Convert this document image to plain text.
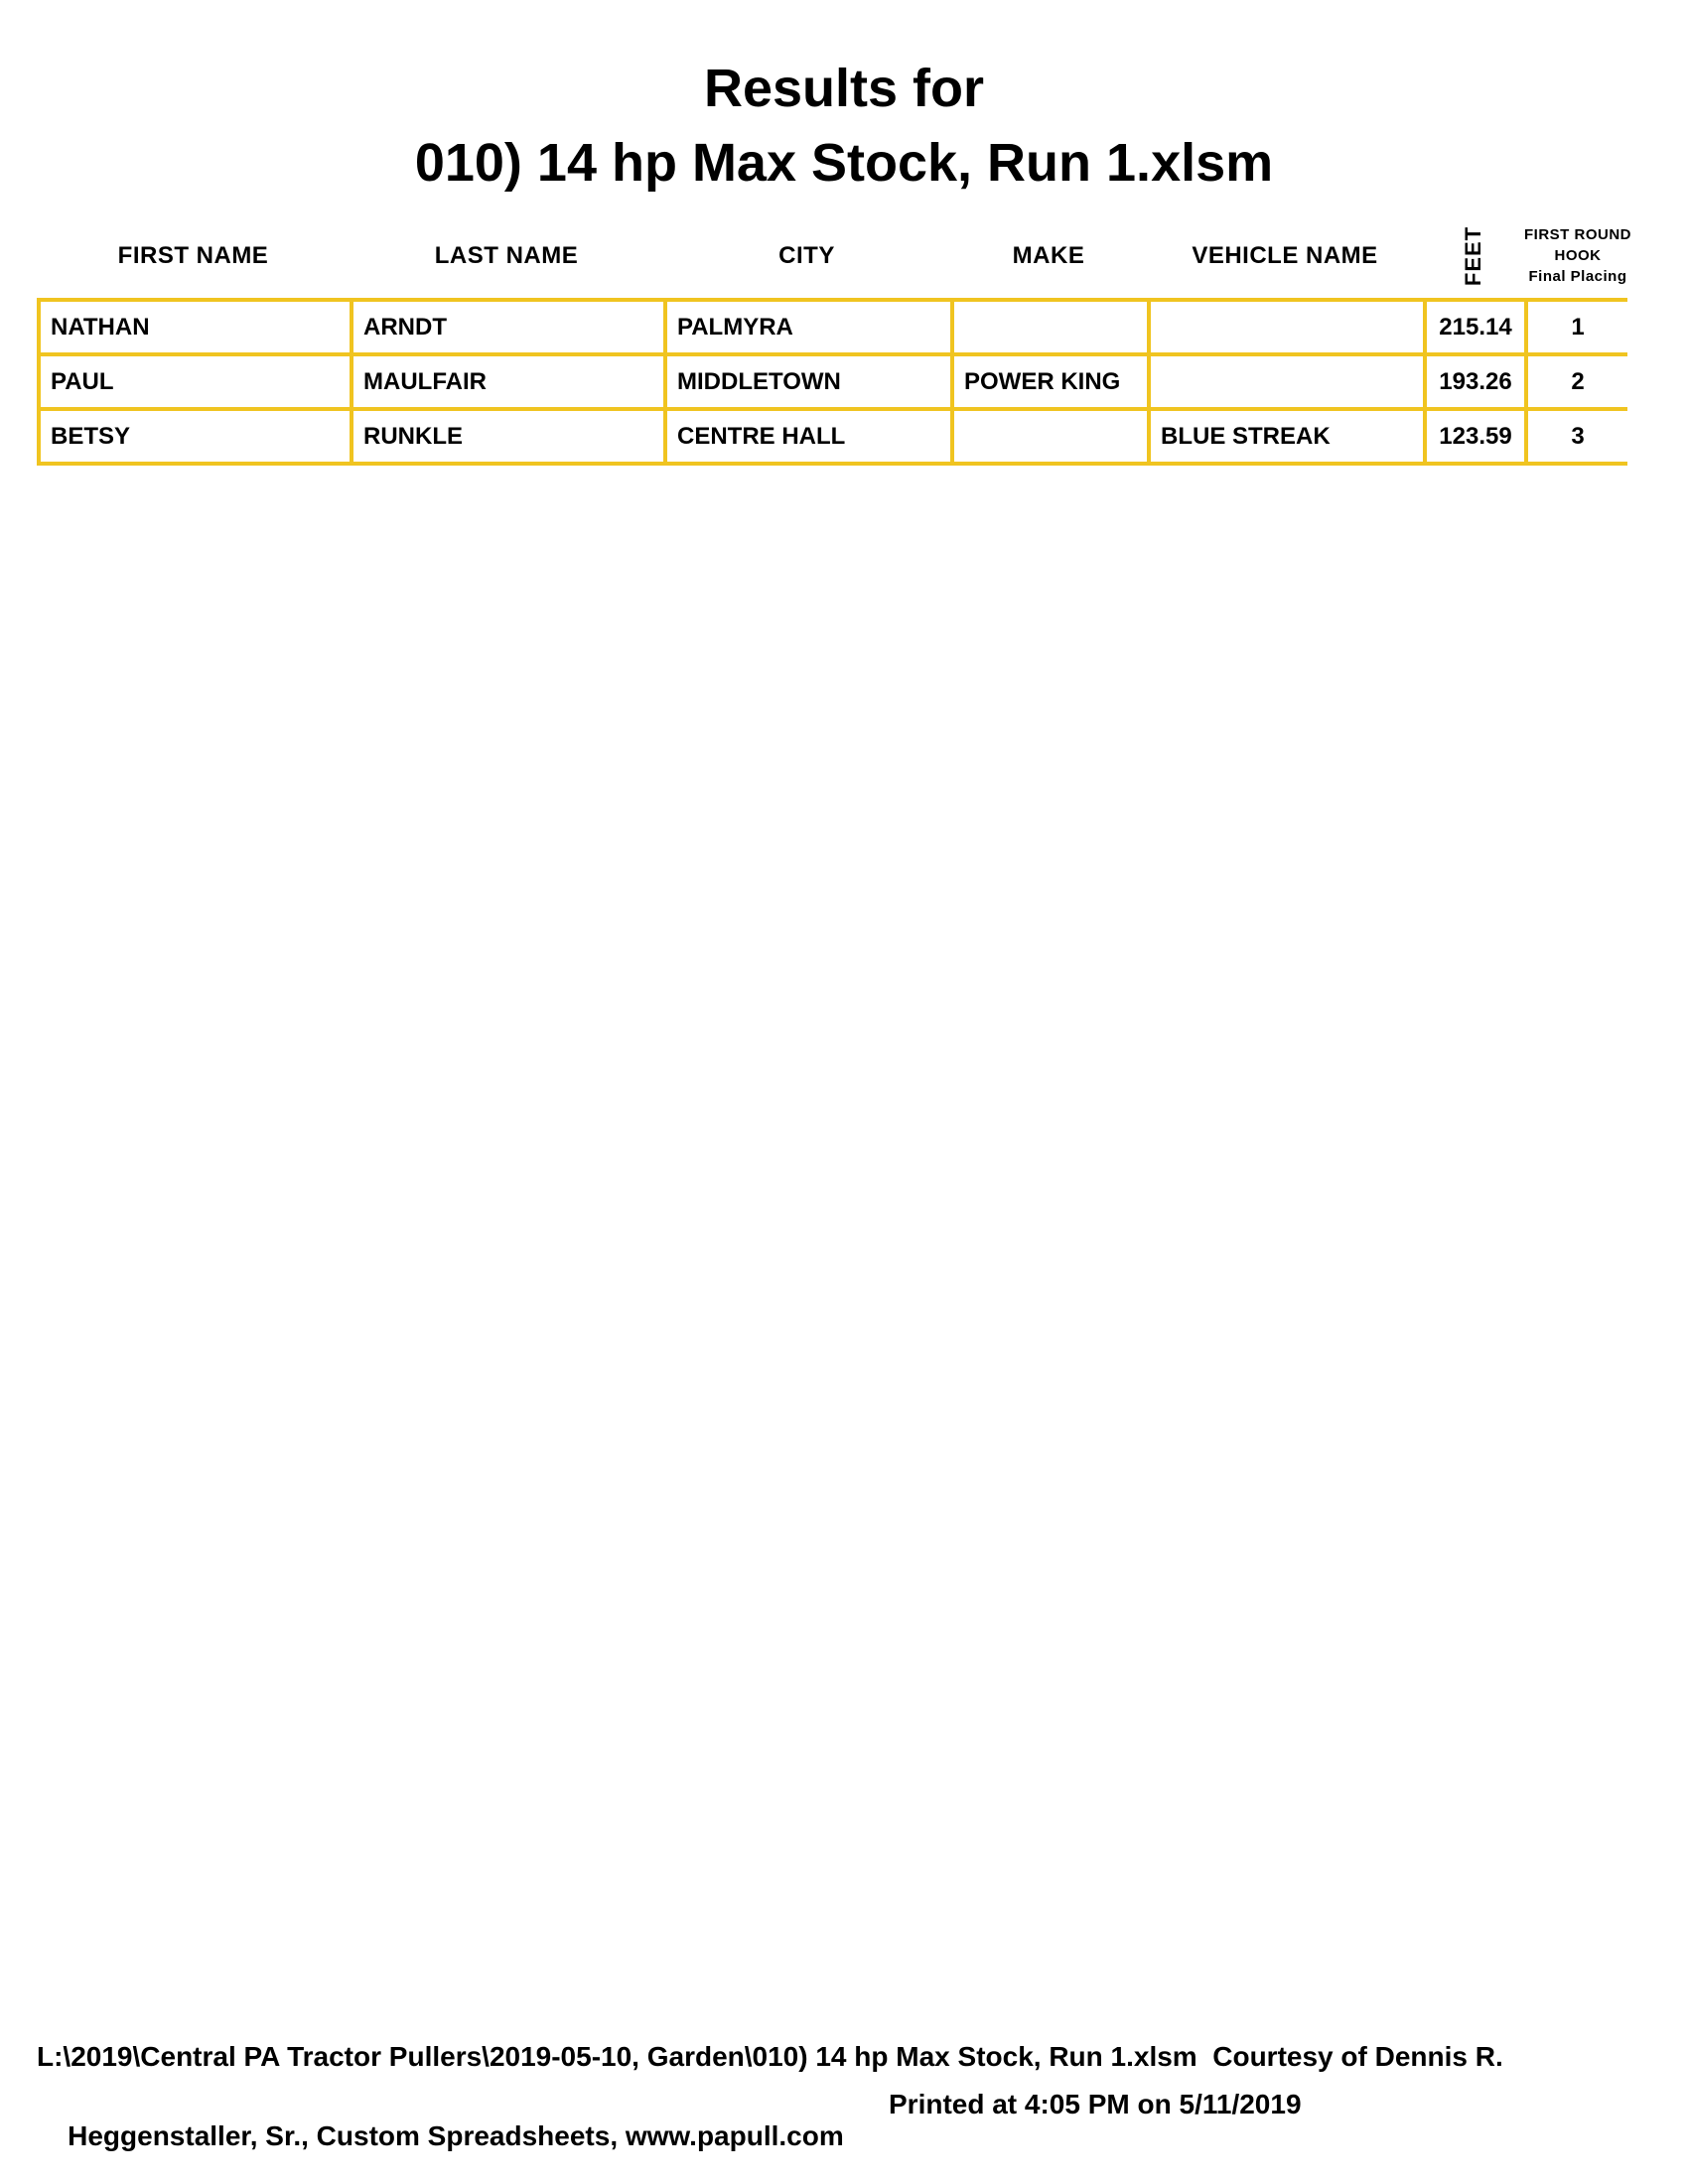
Results for
010) 14 hp Max Stock, Run 1.xlsm
FIRST NAME	LAST NAME	CITY	MAKE	VEHICLE NAME	FEET	FIRST ROUND
HOOK
Final Placing
NATHAN	ARNDT	PALMYRA			215.14	1
PAUL	MAULFAIR	MIDDLETOWN	POWER KING		193.26	2
BETSY	RUNKLE	CENTRE HALL		BLUE STREAK	123.59	3
L:\2019\Central PA Tractor Pullers\2019-05-10, Garden\010) 14 hp Max Stock, Run 1.xlsm  Courtesy of Dennis R.

Heggenstaller, Sr., Custom Spreadsheets, www.papull.com

Printed at 4:05 PM on 5/11/2019
